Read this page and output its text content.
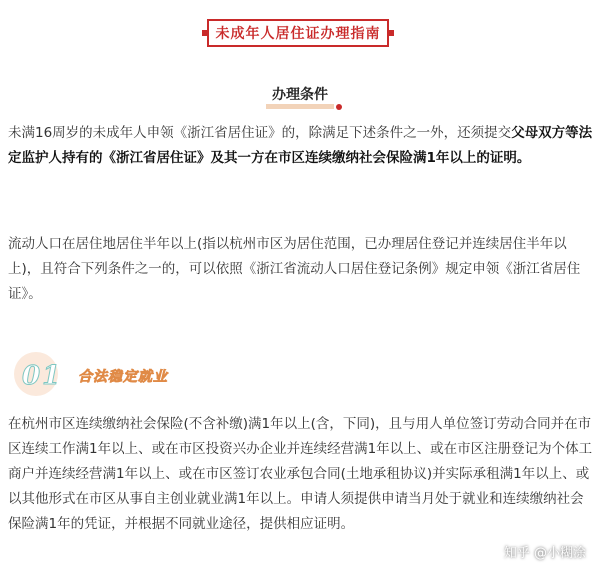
未成年人居住证办理指南
办理条件

未满16周岁的未成年人申领《浙江省居住证》的，除满足下述条件之一外，还须提交父母双方等法定监护人持有的《浙江省居住证》及其一方在市区连续缴纳社会保险满1年以上的证明。

流动人口在居住地居住半年以上(指以杭州市区为居住范围，已办理居住登记并连续居住半年以上)，且符合下列条件之一的，可以依照《浙江省流动人口居住登记条例》规定申领《浙江省居住证》。

01 合法稳定就业

在杭州市区连续缴纳社会保险(不含补缴)满1年以上(含，下同)，且与用人单位签订劳动合同并在市区连续工作满1年以上、或在市区投资兴办企业并连续经营满1年以上、或在市区注册登记为个体工商户并连续经营满1年以上、或在市区签订农业承包合同(土地承租协议)并实际承租满1年以上、或以其他形式在市区从事自主创业就业满1年以上。申请人须提供申请当月处于就业和连续缴纳社会保险满1年的凭证，并根据不同就业途径，提供相应证明。

知乎 @小糊涂
